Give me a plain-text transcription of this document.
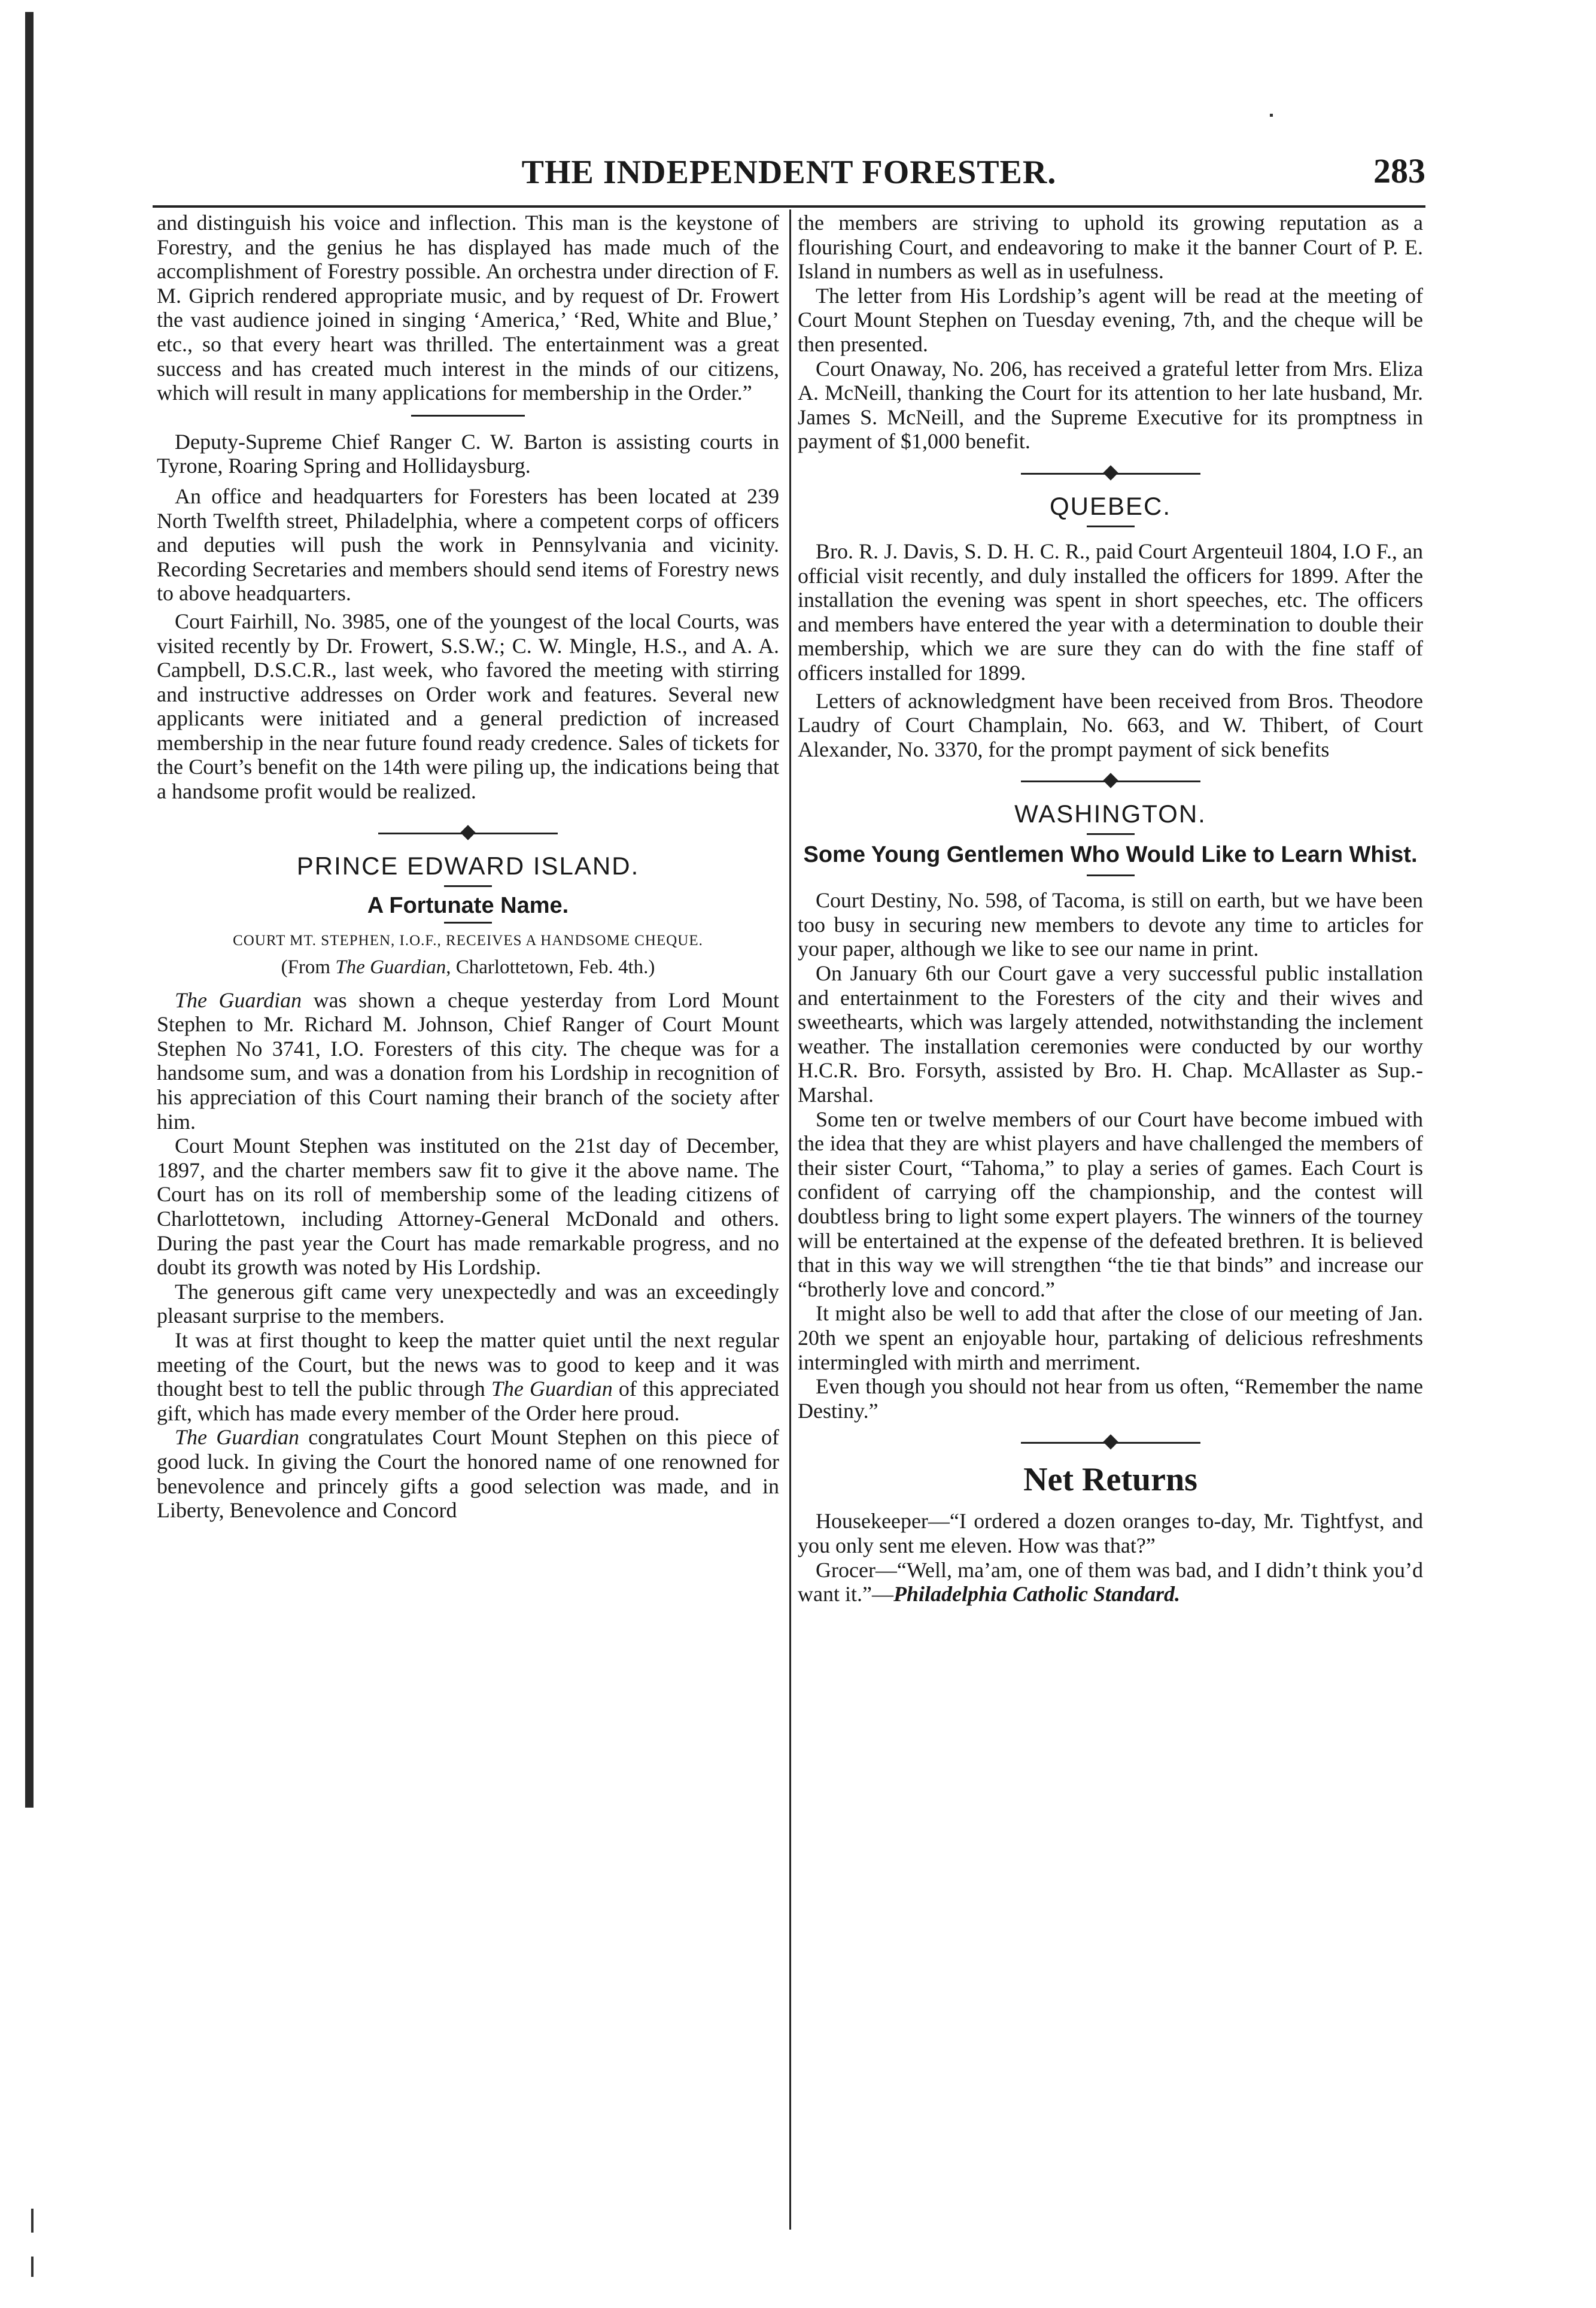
THE INDEPENDENT FORESTER.	283

and distinguish his voice and inflection. This man is the keystone of Forestry, and the genius he has displayed has made much of the accomplishment of Forestry possible. An orchestra under direction of F. M. Giprich rendered appropriate music, and by request of Dr. Frowert the vast audience joined in singing ‘America,’ ‘Red, White and Blue,’ etc., so that every heart was thrilled. The entertainment was a great success and has created much interest in the minds of our citizens, which will result in many applications for membership in the Order.”

Deputy-Supreme Chief Ranger C. W. Barton is assisting courts in Tyrone, Roaring Spring and Hollidaysburg.

An office and headquarters for Foresters has been located at 239 North Twelfth street, Philadelphia, where a competent corps of officers and deputies will push the work in Pennsylvania and vicinity. Recording Secretaries and members should send items of Forestry news to above headquarters.

Court Fairhill, No. 3985, one of the youngest of the local Courts, was visited recently by Dr. Frowert, S.S.W.; C. W. Mingle, H.S., and A. A. Campbell, D.S.C.R., last week, who favored the meeting with stirring and instructive addresses on Order work and features. Several new applicants were initiated and a general prediction of increased membership in the near future found ready credence. Sales of tickets for the Court’s benefit on the 14th were piling up, the indications being that a handsome profit would be realized.

PRINCE EDWARD ISLAND.
A Fortunate Name.
COURT MT. STEPHEN, I.O.F., RECEIVES A HANDSOME CHEQUE.
(From The Guardian, Charlottetown, Feb. 4th.)

The Guardian was shown a cheque yesterday from Lord Mount Stephen to Mr. Richard M. Johnson, Chief Ranger of Court Mount Stephen No 3741, I.O. Foresters of this city. The cheque was for a handsome sum, and was a donation from his Lordship in recognition of his appreciation of this Court naming their branch of the society after him.

Court Mount Stephen was instituted on the 21st day of December, 1897, and the charter members saw fit to give it the above name. The Court has on its roll of membership some of the leading citizens of Charlottetown, including Attorney-General McDonald and others. During the past year the Court has made remarkable progress, and no doubt its growth was noted by His Lordship.

The generous gift came very unexpectedly and was an exceedingly pleasant surprise to the members.

It was at first thought to keep the matter quiet until the next regular meeting of the Court, but the news was to good to keep and it was thought best to tell the public through The Guardian of this appreciated gift, which has made every member of the Order here proud.

The Guardian congratulates Court Mount Stephen on this piece of good luck. In giving the Court the honored name of one renowned for benevolence and princely gifts a good selection was made, and in Liberty, Benevolence and Concord

the members are striving to uphold its growing reputation as a flourishing Court, and endeavoring to make it the banner Court of P. E. Island in numbers as well as in usefulness.

The letter from His Lordship’s agent will be read at the meeting of Court Mount Stephen on Tuesday evening, 7th, and the cheque will be then presented.

Court Onaway, No. 206, has received a grateful letter from Mrs. Eliza A. McNeill, thanking the Court for its attention to her late husband, Mr. James S. McNeill, and the Supreme Executive for its promptness in payment of $1,000 benefit.

QUEBEC.

Bro. R. J. Davis, S. D. H. C. R., paid Court Argenteuil 1804, I.O F., an official visit recently, and duly installed the officers for 1899. After the installation the evening was spent in short speeches, etc. The officers and members have entered the year with a determination to double their membership, which we are sure they can do with the fine staff of officers installed for 1899.

Letters of acknowledgment have been received from Bros. Theodore Laudry of Court Champlain, No. 663, and W. Thibert, of Court Alexander, No. 3370, for the prompt payment of sick benefits

WASHINGTON.
Some Young Gentlemen Who Would Like to Learn Whist.

Court Destiny, No. 598, of Tacoma, is still on earth, but we have been too busy in securing new members to devote any time to articles for your paper, although we like to see our name in print.

On January 6th our Court gave a very successful public installation and entertainment to the Foresters of the city and their wives and sweethearts, which was largely attended, notwithstanding the inclement weather. The installation ceremonies were conducted by our worthy H.C.R. Bro. Forsyth, assisted by Bro. H. Chap. McAllaster as Sup.-Marshal.

Some ten or twelve members of our Court have become imbued with the idea that they are whist players and have challenged the members of their sister Court, “Tahoma,” to play a series of games. Each Court is confident of carrying off the championship, and the contest will doubtless bring to light some expert players. The winners of the tourney will be entertained at the expense of the defeated brethren. It is believed that in this way we will strengthen “the tie that binds” and increase our “brotherly love and concord.”

It might also be well to add that after the close of our meeting of Jan. 20th we spent an enjoyable hour, partaking of delicious refreshments intermingled with mirth and merriment.

Even though you should not hear from us often, “Remember the name Destiny.”

Net Returns

Housekeeper—“I ordered a dozen oranges to-day, Mr. Tightfyst, and you only sent me eleven. How was that?”

Grocer—“Well, ma’am, one of them was bad, and I didn’t think you’d want it.”—Philadelphia Catholic Standard.
